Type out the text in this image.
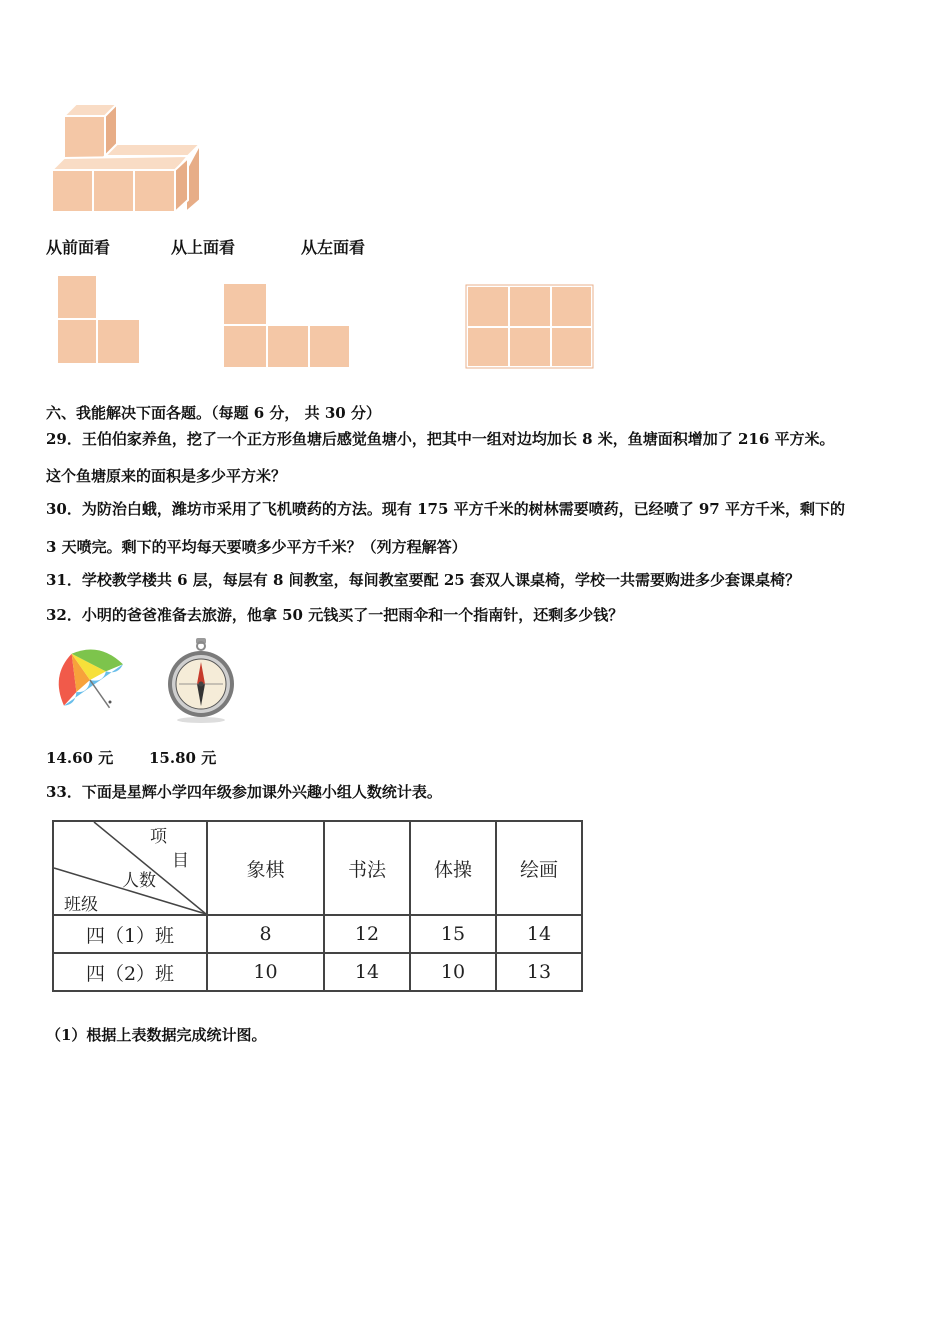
从前面看	从上面看	从左面看
六、我能解决下面各题。（每题 6 分， 共 30 分）
29．王伯伯家养鱼，挖了一个正方形鱼塘后感觉鱼塘小，把其中一组对边均加长 8 米，鱼塘面积增加了 216 平方米。
这个鱼塘原来的面积是多少平方米？
30．为防治白蛾，潍坊市采用了飞机喷药的方法。现有 175 平方千米的树林需要喷药，已经喷了 97 平方千米，剩下的
3 天喷完。剩下的平均每天要喷多少平方千米？（列方程解答）
31．学校教学楼共 6 层，每层有 8 间教室，每间教室要配 25 套双人课桌椅，学校一共需要购进多少套课桌椅？
32．小明的爸爸准备去旅游，他拿 50 元钱买了一把雨伞和一个指南针，还剩多少钱？
14.60 元 15.80 元
33．下面是星辉小学四年级参加课外兴趣小组人数统计表。
项
目
人数
班级	象棋	书法	体操	绘画
四（1）班	8	12	15	14
四（2）班	10	14	10	13
（1）根据上表数据完成统计图。
